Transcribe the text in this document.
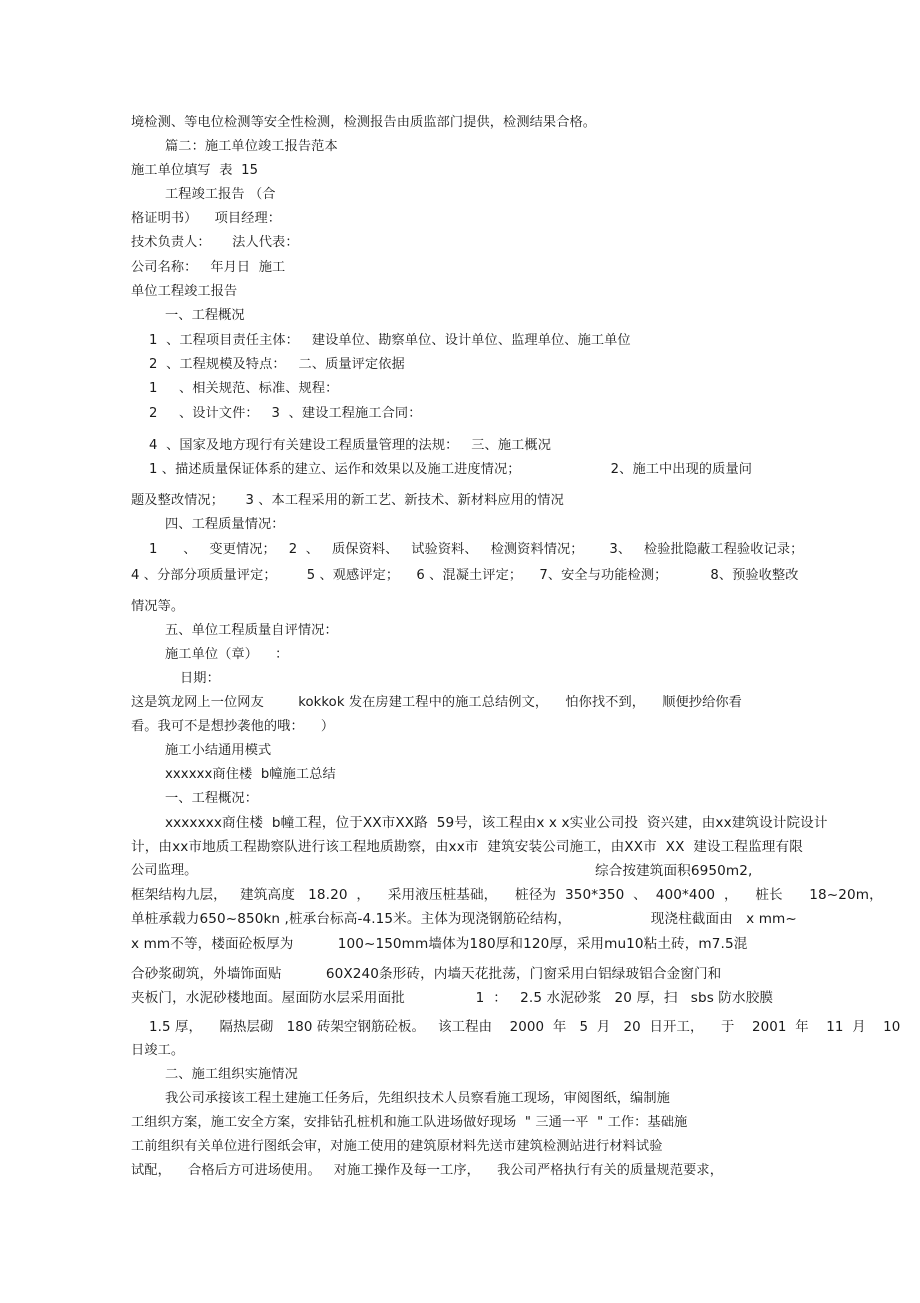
境检测、等电位检测等安全性检测，检测报告由质监部门提供，检测结果合格。
篇二：施工单位竣工报告范本
施工单位填写  表  15
工程竣工报告 （合
格证明书）    项目经理：
技术负责人：     法人代表：
公司名称：   年月日  施工
单位工程竣工报告
一、工程概况
1  、工程项目责任主体：   建设单位、勘察单位、设计单位、监理单位、施工单位
2  、工程规模及特点：   二、质量评定依据
1     、相关规范、标准、规程：
2     、设计文件：   3  、建设工程施工合同：
4  、国家及地方现行有关建设工程质量管理的法规：   三、施工概况
1 、描述质量保证体系的建立、运作和效果以及施工进度情况；                     2、施工中出现的质量问
题及整改情况；     3 、本工程采用的新工艺、新技术、新材料应用的情况
四、工程质量情况：
1      、   变更情况；   2  、   质保资料、   试验资料、   检测资料情况；      3、   检验批隐蔽工程验收记录；
4 、分部分项质量评定；       5 、观感评定；    6 、混凝土评定；    7、安全与功能检测；          8、预验收整改
情况等。
五、单位工程质量自评情况：
施工单位（章）    ：
日期：
这是筑龙网上一位网友        kokkok 发在房建工程中的施工总结例文，    怕你找不到，    顺便抄给你看
看。我可不是想抄袭他的哦：    ）
施工小结通用模式
xxxxxx商住楼  b幢施工总结
一、工程概况：
xxxxxxx商住楼  b幢工程，位于XX市XX路  59号，该工程由x x x实业公司投  资兴建，由xx建筑设计院设计
计，由xx市地质工程勘察队进行该工程地质勘察，由xx市  建筑安装公司施工，由XX市  XX  建设工程监理有限
公司监理。	综合按建筑面积6950m2,
框架结构九层，   建筑高度   18.20  ，    采用液压桩基础，    桩径为  350*350  、  400*400  ，    桩长      18~20m，
单桩承载力650~850kn ,桩承台标高-4.15米。主体为现浇钢筋砼结构，                  现浇柱截面由   x mm~
x mm不等，楼面砼板厚为          100~150mm墙体为180厚和120厚，采用mu10粘土砖，m7.5混
合砂浆砌筑，外墙饰面贴          60X240条形砖，内墙天花批荡，门窗采用白铝绿玻铝合金窗门和
夹板门，水泥砂楼地面。屋面防水层采用面批                1  ：   2.5 水泥砂浆   20 厚，扫   sbs 防水胶膜
1.5 厚，    隔热层砌   180 砖架空钢筋砼板。   该工程由    2000  年   5  月   20  日开工，    于    2001  年    11  月    10
日竣工。
二、施工组织实施情况
我公司承接该工程土建施工任务后，先组织技术人员察看施工现场，审阅图纸，编制施
工组织方案，施工安全方案，安排钻孔桩机和施工队进场做好现场  " 三通一平  " 工作：基础施
工前组织有关单位进行图纸会审，对施工使用的建筑原材料先送市建筑检测站进行材料试验
试配，    合格后方可进场使用。   对施工操作及每一工序，    我公司严格执行有关的质量规范要求，
